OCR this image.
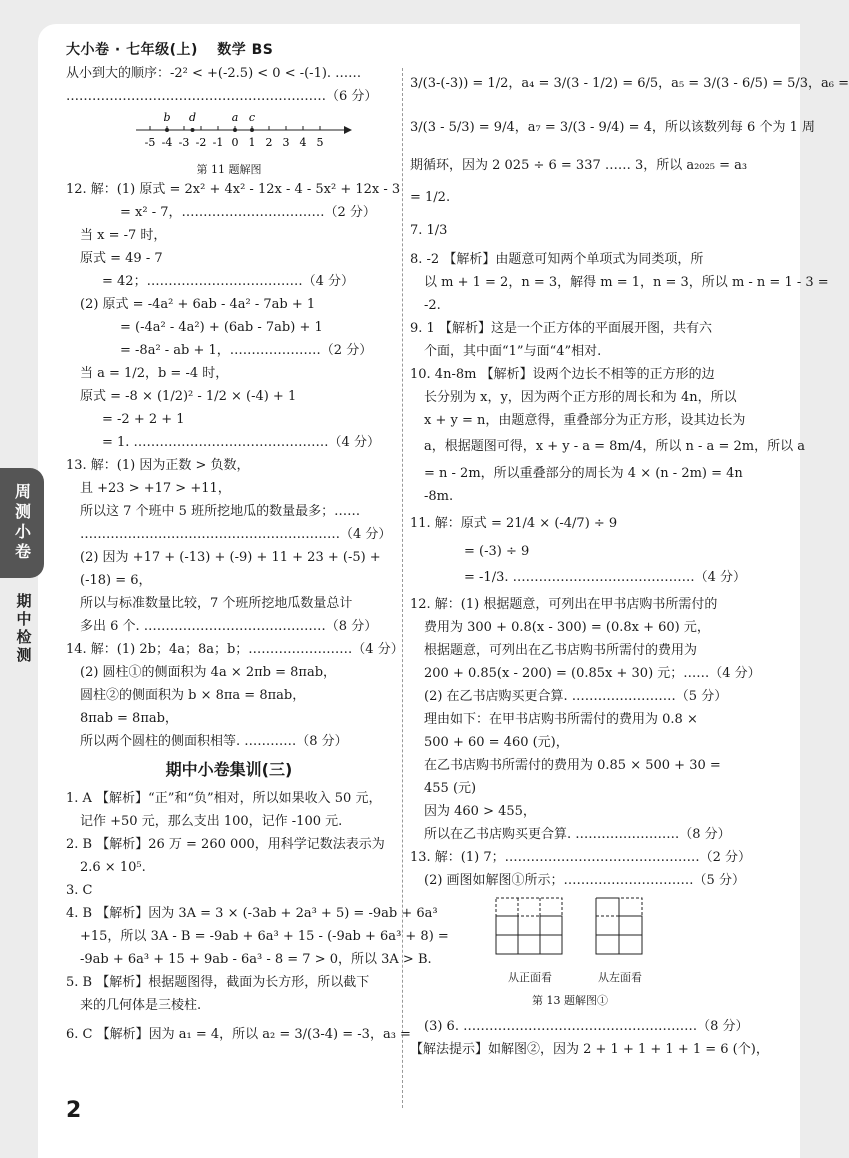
大小卷 · 七年级(上) 数学 BS
周测小卷
期中检测
从小到大的顺序：-2² < +(-2.5) < 0 < -(-1). ……
……………………………………………………（6 分）
-5 -4 -3 -2 -1 0 1 2 3 4 5
b d	a c
第 11 题解图
12. 解：(1) 原式 = 2x² + 4x² - 12x - 4 - 5x² + 12x - 3
= x² - 7，……………………………（2 分）
当 x = -7 时，
原式 = 49 - 7
= 42；………………………………（4 分）
(2) 原式 = -4a² + 6ab - 4a² - 7ab + 1
= (-4a² - 4a²) + (6ab - 7ab) + 1
= -8a² - ab + 1，…………………（2 分）
当 a = 1/2，b = -4 时，
原式 = -8 × (1/2)² - 1/2 × (-4) + 1
= -2 + 2 + 1
= 1. ………………………………………（4 分）
13. 解：(1) 因为正数 > 负数，
且 +23 > +17 > +11，
所以这 7 个班中 5 班所挖地瓜的数量最多；……
……………………………………………………（4 分）
(2) 因为 +17 + (-13) + (-9) + 11 + 23 + (-5) +
(-18) = 6，
所以与标准数量比较，7 个班所挖地瓜数量总计
多出 6 个. ……………………………………（8 分）
14. 解：(1) 2b；4a；8a；b；……………………（4 分）
(2) 圆柱①的侧面积为 4a × 2πb = 8πab，
圆柱②的侧面积为 b × 8πa = 8πab，
8πab = 8πab，
所以两个圆柱的侧面积相等. …………（8 分）
期中小卷集训(三)
1. A 【解析】“正”和“负”相对，所以如果收入 50 元，
记作 +50 元，那么支出 100，记作 -100 元.
2. B 【解析】26 万 = 260 000，用科学记数法表示为
2.6 × 10⁵.
3. C
4. B 【解析】因为 3A = 3 × (-3ab + 2a³ + 5) = -9ab + 6a³
+15，所以 3A - B = -9ab + 6a³ + 15 - (-9ab + 6a³ + 8) =
-9ab + 6a³ + 15 + 9ab - 6a³ - 8 = 7 > 0，所以 3A > B.
5. B 【解析】根据题图得，截面为长方形，所以截下
来的几何体是三棱柱.
6. C 【解析】因为 a₁ = 4，所以 a₂ = 3/(3-4) = -3，a₃ =
3/(3-(-3)) = 1/2，a₄ = 3/(3 - 1/2) = 6/5，a₅ = 3/(3 - 6/5) = 5/3，a₆ =
3/(3 - 5/3) = 9/4，a₇ = 3/(3 - 9/4) = 4，所以该数列每 6 个为 1 周
期循环，因为 2 025 ÷ 6 = 337 …… 3，所以 a₂₀₂₅ = a₃
= 1/2.
7. 1/3
8. -2 【解析】由题意可知两个单项式为同类项，所
以 m + 1 = 2，n = 3，解得 m = 1，n = 3，所以 m - n = 1 - 3 =
-2.
9. 1 【解析】这是一个正方体的平面展开图，共有六
个面，其中面“1”与面“4”相对.
10. 4n-8m 【解析】设两个边长不相等的正方形的边
长分别为 x，y，因为两个正方形的周长和为 4n，所以
x + y = n，由题意得，重叠部分为正方形，设其边长为
a，根据题图可得，x + y - a = 8m/4，所以 n - a = 2m，所以 a
= n - 2m，所以重叠部分的周长为 4 × (n - 2m) = 4n
-8m.
11. 解：原式 = 21/4 × (-4/7) ÷ 9
= (-3) ÷ 9
= -1/3. ……………………………………（4 分）
12. 解：(1) 根据题意，可列出在甲书店购书所需付的
费用为 300 + 0.8(x - 300) = (0.8x + 60) 元，
根据题意，可列出在乙书店购书所需付的费用为
200 + 0.85(x - 200) = (0.85x + 30) 元；……（4 分）
(2) 在乙书店购买更合算. ……………………（5 分）
理由如下：在甲书店购书所需付的费用为 0.8 ×
500 + 60 = 460 (元)，
在乙书店购书所需付的费用为 0.85 × 500 + 30 =
455 (元)
因为 460 > 455，
所以在乙书店购买更合算. ……………………（8 分）
13. 解：(1) 7；………………………………………（2 分）
(2) 画图如解图①所示；…………………………（5 分）
从正面看	从左面看
第 13 题解图①
(3) 6. ………………………………………………（8 分）
【解法提示】如解图②，因为 2 + 1 + 1 + 1 + 1 = 6 (个)，
2
